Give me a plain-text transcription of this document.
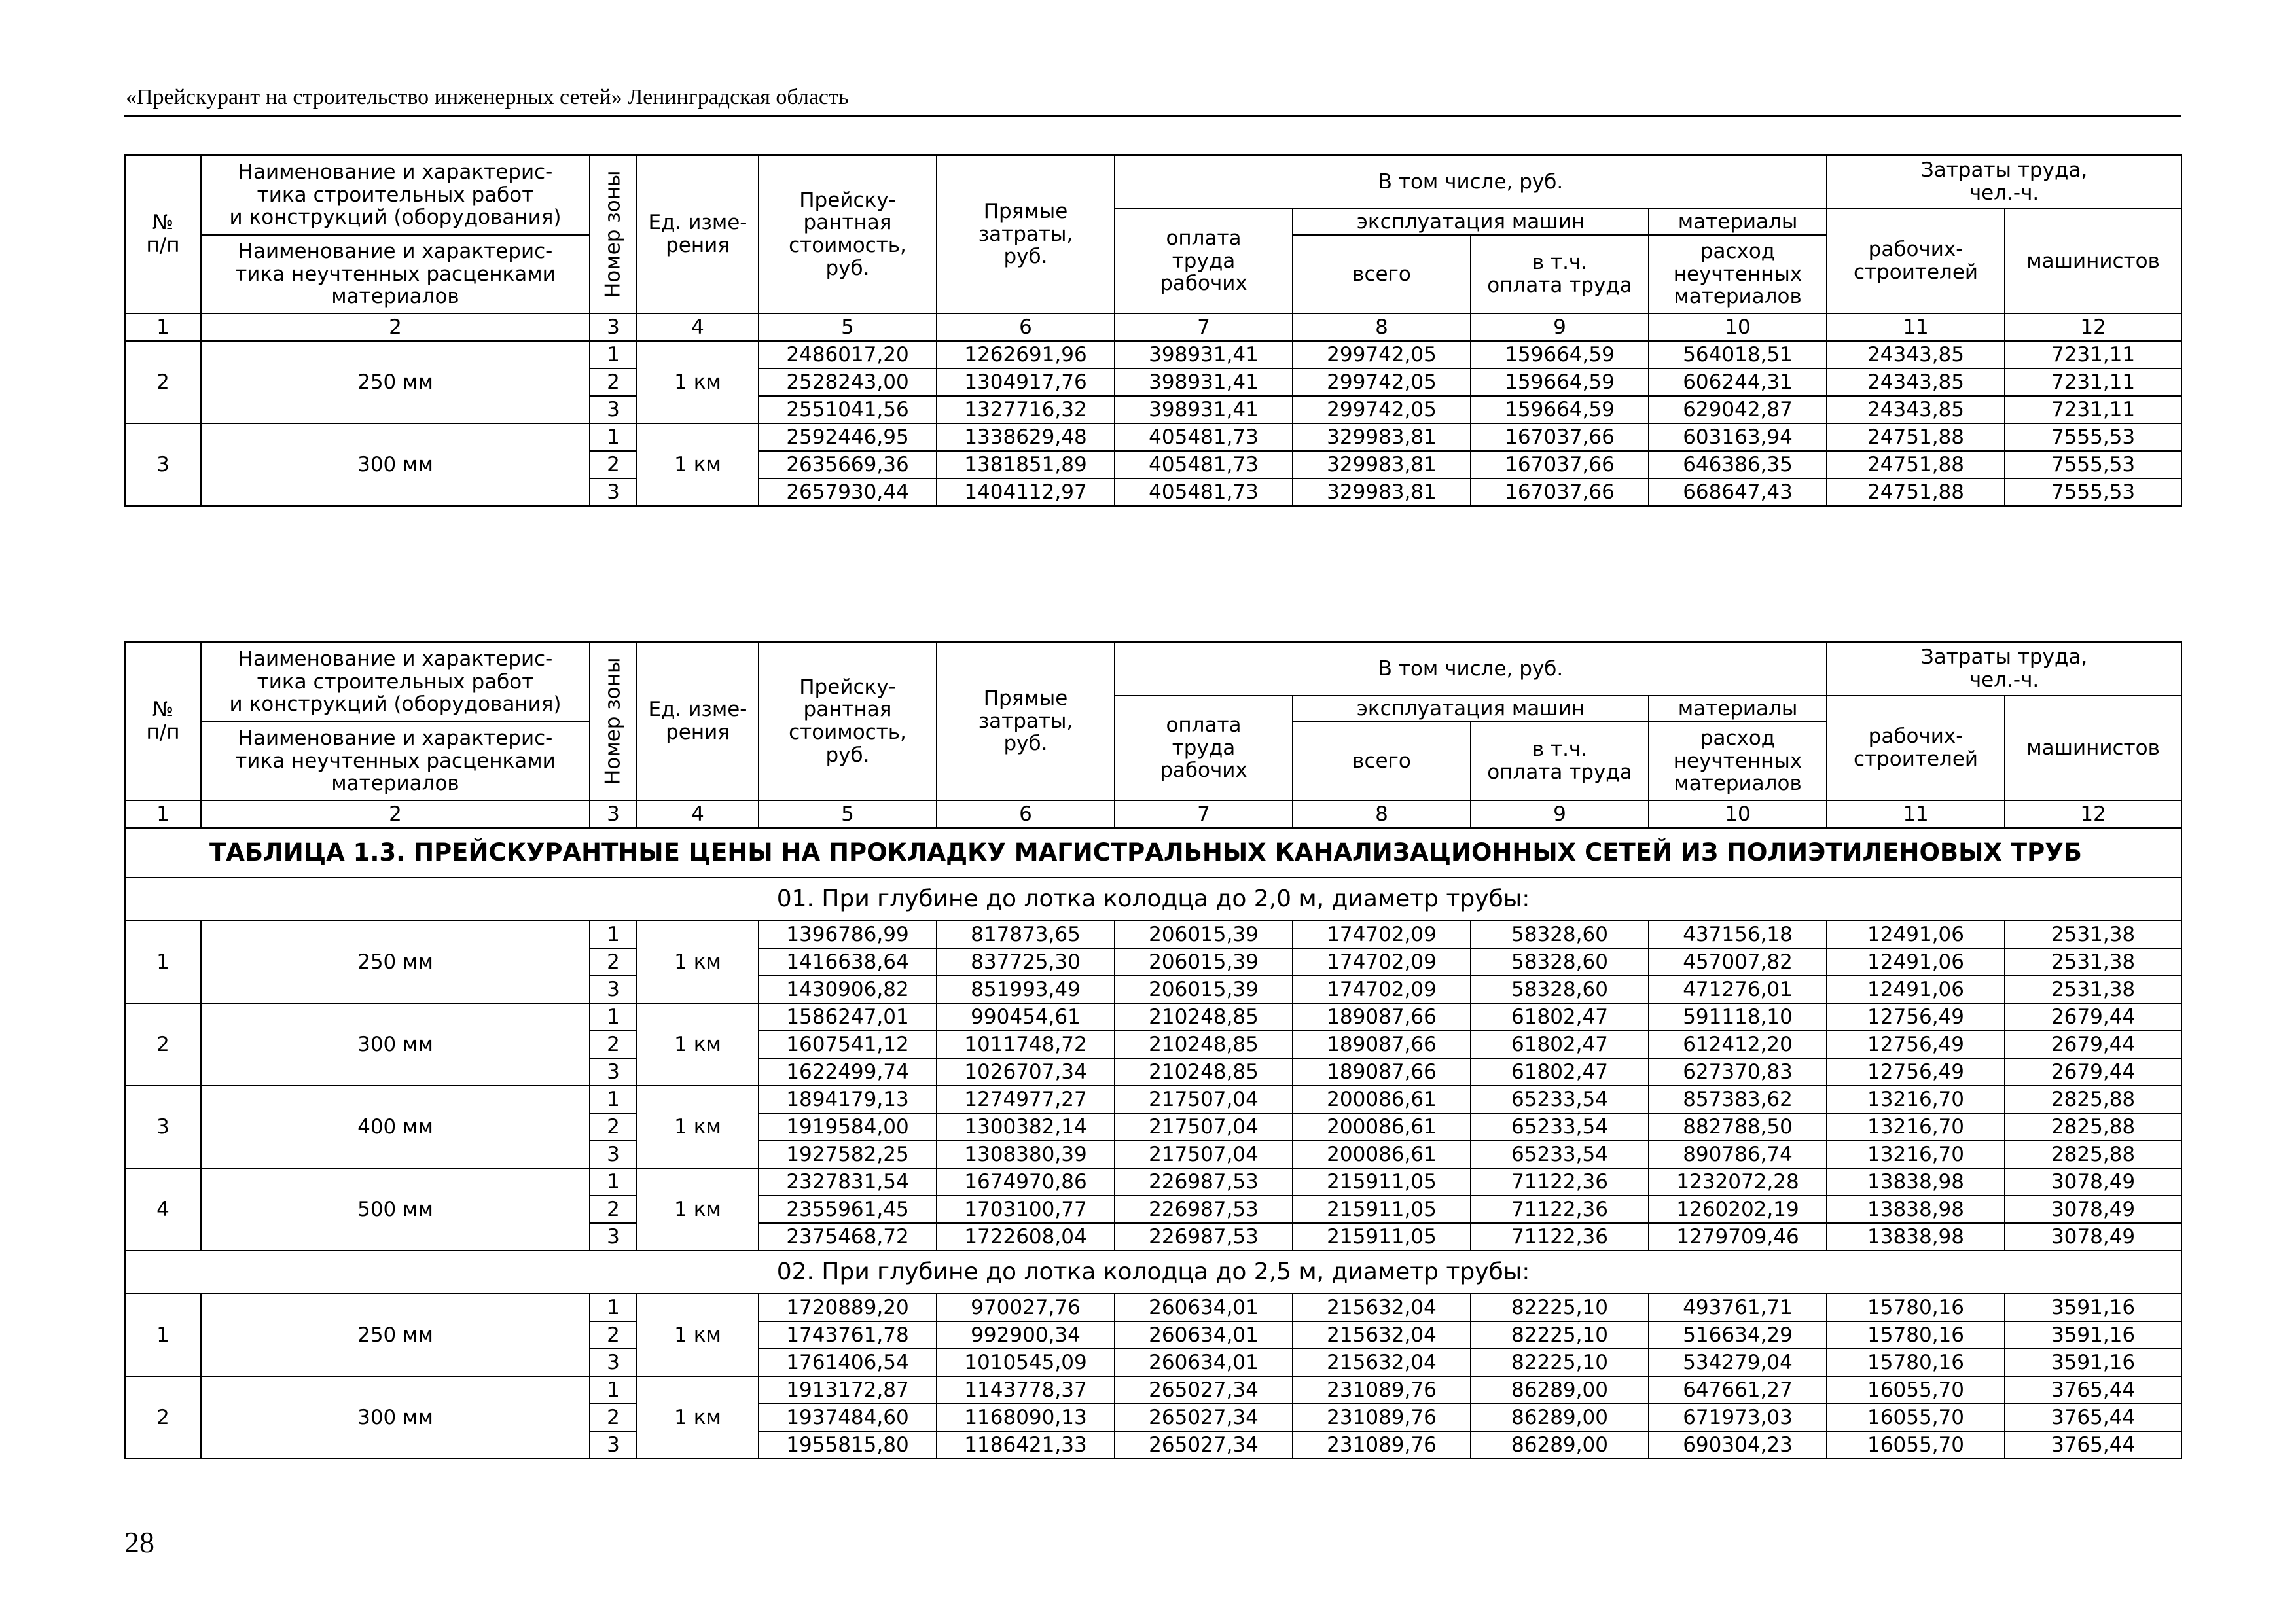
«Прейскурант на строительство инженерных сетей» Ленинградская область
№
п/п	Наименование и характерис-
тика строительных работ
и конструкций (оборудования)	Номер зоны	Ед. изме-
рения	Прейску-
рантная
стоимость,
руб.	Прямые
затраты,
руб.	В том числе, руб.				Затраты труда,
чел.-ч.	
						оплата
труда
рабочих	эксплуатация машин		материалы	рабочих-
строителей	машинистов
	Наименование и характерис-
тика неучтенных расценками
материалов						всего	в т.ч.
оплата труда	расход
неучтенных
материалов		
1	2	3	4	5	6	7	8	9	10	11	12
2	250 мм	1	1 км	2486017,20	1262691,96	398931,41	299742,05	159664,59	564018,51	24343,85	7231,11
		2		2528243,00	1304917,76	398931,41	299742,05	159664,59	606244,31	24343,85	7231,11
		3		2551041,56	1327716,32	398931,41	299742,05	159664,59	629042,87	24343,85	7231,11
3	300 мм	1	1 км	2592446,95	1338629,48	405481,73	329983,81	167037,66	603163,94	24751,88	7555,53
		2		2635669,36	1381851,89	405481,73	329983,81	167037,66	646386,35	24751,88	7555,53
		3		2657930,44	1404112,97	405481,73	329983,81	167037,66	668647,43	24751,88	7555,53
№
п/п	Наименование и характерис-
тика строительных работ
и конструкций (оборудования)	Номер зоны	Ед. изме-
рения	Прейску-
рантная
стоимость,
руб.	Прямые
затраты,
руб.	В том числе, руб.				Затраты труда,
чел.-ч.	
						оплата
труда
рабочих	эксплуатация машин		материалы	рабочих-
строителей	машинистов
	Наименование и характерис-
тика неучтенных расценками
материалов						всего	в т.ч.
оплата труда	расход
неучтенных
материалов		
1	2	3	4	5	6	7	8	9	10	11	12
ТАБЛИЦА 1.3. ПРЕЙСКУРАНТНЫЕ ЦЕНЫ НА ПРОКЛАДКУ МАГИСТРАЛЬНЫХ КАНАЛИЗАЦИОННЫХ СЕТЕЙ ИЗ ПОЛИЭТИЛЕНОВЫХ ТРУБ											
01. При глубине до лотка колодца до 2,0 м, диаметр трубы:											
1	250 мм	1	1 км	1396786,99	817873,65	206015,39	174702,09	58328,60	437156,18	12491,06	2531,38
		2		1416638,64	837725,30	206015,39	174702,09	58328,60	457007,82	12491,06	2531,38
		3		1430906,82	851993,49	206015,39	174702,09	58328,60	471276,01	12491,06	2531,38
2	300 мм	1	1 км	1586247,01	990454,61	210248,85	189087,66	61802,47	591118,10	12756,49	2679,44
		2		1607541,12	1011748,72	210248,85	189087,66	61802,47	612412,20	12756,49	2679,44
		3		1622499,74	1026707,34	210248,85	189087,66	61802,47	627370,83	12756,49	2679,44
3	400 мм	1	1 км	1894179,13	1274977,27	217507,04	200086,61	65233,54	857383,62	13216,70	2825,88
		2		1919584,00	1300382,14	217507,04	200086,61	65233,54	882788,50	13216,70	2825,88
		3		1927582,25	1308380,39	217507,04	200086,61	65233,54	890786,74	13216,70	2825,88
4	500 мм	1	1 км	2327831,54	1674970,86	226987,53	215911,05	71122,36	1232072,28	13838,98	3078,49
		2		2355961,45	1703100,77	226987,53	215911,05	71122,36	1260202,19	13838,98	3078,49
		3		2375468,72	1722608,04	226987,53	215911,05	71122,36	1279709,46	13838,98	3078,49
02. При глубине до лотка колодца до 2,5 м, диаметр трубы:											
1	250 мм	1	1 км	1720889,20	970027,76	260634,01	215632,04	82225,10	493761,71	15780,16	3591,16
		2		1743761,78	992900,34	260634,01	215632,04	82225,10	516634,29	15780,16	3591,16
		3		1761406,54	1010545,09	260634,01	215632,04	82225,10	534279,04	15780,16	3591,16
2	300 мм	1	1 км	1913172,87	1143778,37	265027,34	231089,76	86289,00	647661,27	16055,70	3765,44
		2		1937484,60	1168090,13	265027,34	231089,76	86289,00	671973,03	16055,70	3765,44
		3		1955815,80	1186421,33	265027,34	231089,76	86289,00	690304,23	16055,70	3765,44
28
